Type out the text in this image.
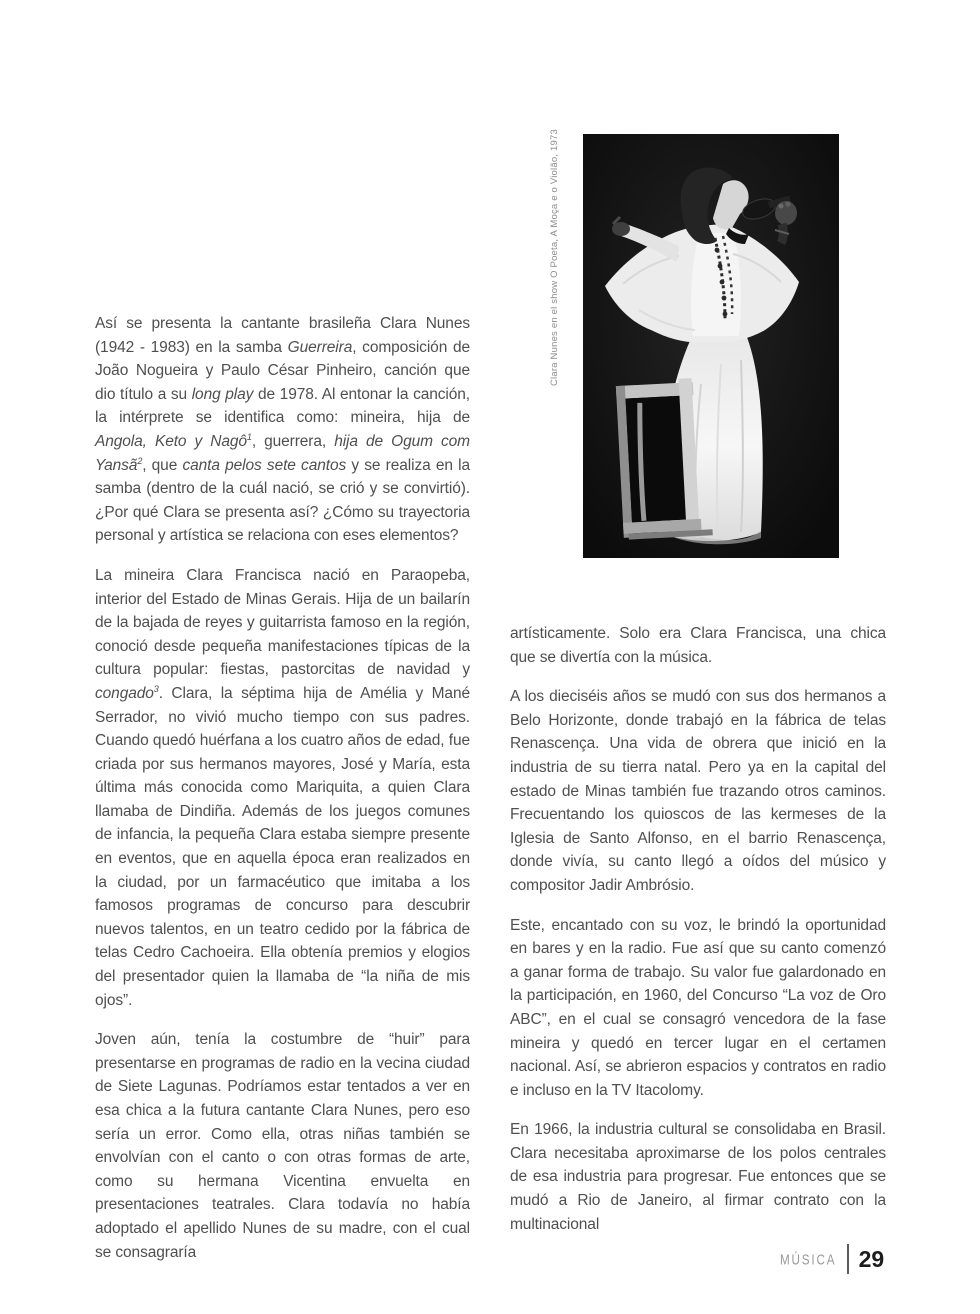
Clara Nunes en el show O Poeta, A Moça e o Violão, 1973

Así se presenta la cantante brasileña Clara Nunes (1942 - 1983) en la samba Guerreira, composición de João Nogueira y Paulo César Pinheiro, canción que dio título a su long play de 1978. Al entonar la canción, la intérprete se identifica como: mineira, hija de Angola, Keto y Nagô$^1$, guerrera, hija de Ogum com Yansã$^2$, que canta pelos sete cantos y se realiza en la samba (dentro de la cuál nació, se crió y se convirtió). ¿Por qué Clara se presenta así? ¿Cómo su trayectoria personal y artística se relaciona con eses elementos?

La mineira Clara Francisca nació en Paraopeba, interior del Estado de Minas Gerais. Hija de un bailarín de la bajada de reyes y guitarrista famoso en la región, conoció desde pequeña manifestaciones típicas de la cultura popular: fiestas, pastorcitas de navidad y congado$^3$. Clara, la séptima hija de Amélia y Mané Serrador, no vivió mucho tiempo con sus padres. Cuando quedó huérfana a los cuatro años de edad, fue criada por sus hermanos mayores, José y María, esta última más conocida como Mariquita, a quien Clara llamaba de Dindiña. Además de los juegos comunes de infancia, la pequeña Clara estaba siempre presente en eventos, que en aquella época eran realizados en la ciudad, por un farmacéutico que imitaba a los famosos programas de concurso para descubrir nuevos talentos, en un teatro cedido por la fábrica de telas Cedro Cachoeira. Ella obtenía premios y elogios del presentador quien la llamaba de “la niña de mis ojos”.

Joven aún, tenía la costumbre de “huir” para presentarse en programas de radio en la vecina ciudad de Siete Lagunas. Podríamos estar tentados a ver en esa chica a la futura cantante Clara Nunes, pero eso sería un error. Como ella, otras niñas también se envolvían con el canto o con otras formas de arte, como su hermana Vicentina envuelta en presentaciones teatrales. Clara todavía no había adoptado el apellido Nunes de su madre, con el cual se consagraría

artísticamente. Solo era Clara Francisca, una chica que se divertía con la música.

A los dieciséis años se mudó con sus dos hermanos a Belo Horizonte, donde trabajó en la fábrica de telas Renascença. Una vida de obrera que inició en la industria de su tierra natal. Pero ya en la capital del estado de Minas también fue trazando otros caminos. Frecuentando los quioscos de las kermeses de la Iglesia de Santo Alfonso, en el barrio Renascença, donde vivía, su canto llegó a oídos del músico y compositor Jadir Ambrósio.

Este, encantado con su voz, le brindó la oportunidad en bares y en la radio. Fue así que su canto comenzó a ganar forma de trabajo. Su valor fue galardonado en la participación, en 1960, del Concurso “La voz de Oro ABC”, en el cual se consagró vencedora de la fase mineira y quedó en tercer lugar en el certamen nacional. Así, se abrieron espacios y contratos en radio e incluso en la TV Itacolomy.

En 1966, la industria cultural se consolidaba en Brasil. Clara necesitaba aproximarse de los polos centrales de esa industria para progresar. Fue entonces que se mudó a Rio de Janeiro, al firmar contrato con la multinacional

MÚSICA 29
